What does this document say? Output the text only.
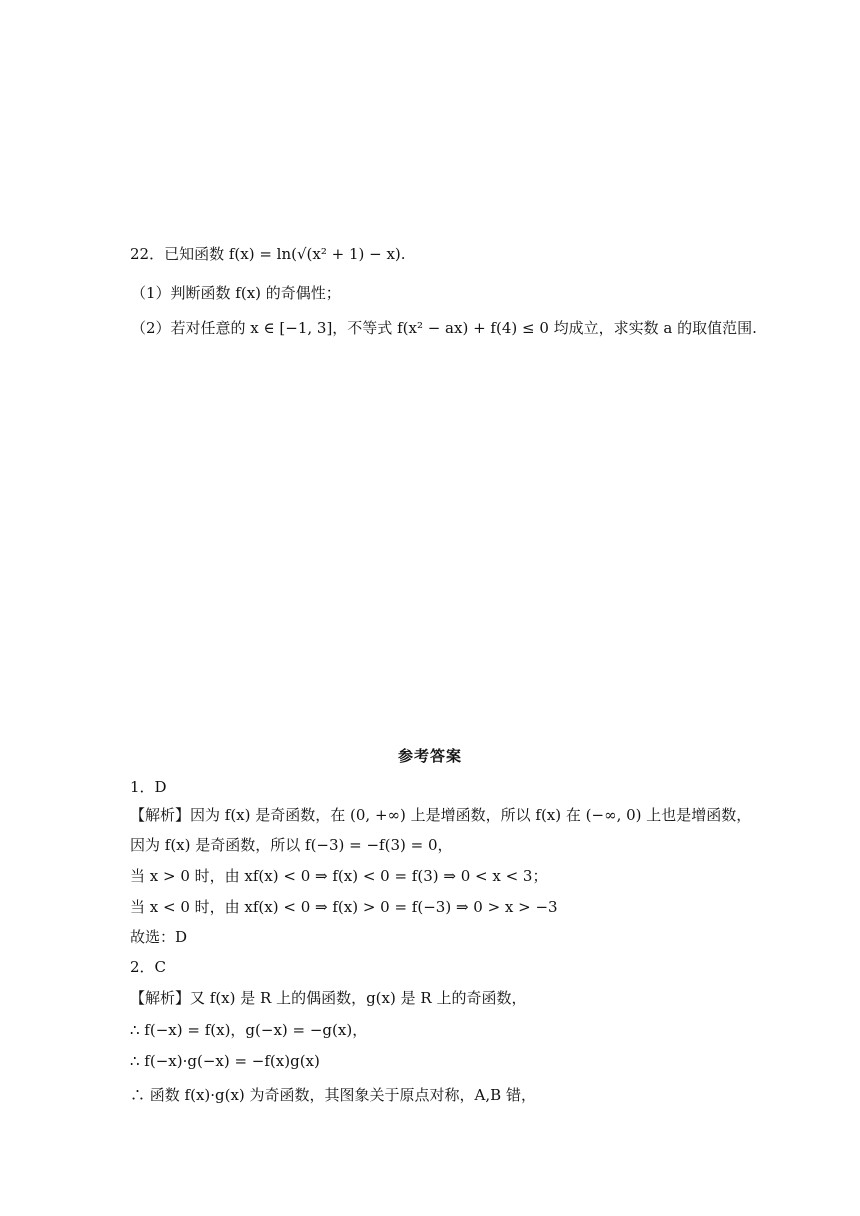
22．已知函数 f(x) = ln(√(x² + 1) − x).
（1）判断函数 f(x) 的奇偶性；
（2）若对任意的 x ∈ [−1, 3]，不等式 f(x² − ax) + f(4) ≤ 0 均成立，求实数 a 的取值范围.
参考答案
1．D
【解析】因为 f(x) 是奇函数，在 (0, +∞) 上是增函数，所以 f(x) 在 (−∞, 0) 上也是增函数，
因为 f(x) 是奇函数，所以 f(−3) = −f(3) = 0，
当 x > 0 时，由 xf(x) < 0 ⇒ f(x) < 0 = f(3) ⇒ 0 < x < 3；
当 x < 0 时，由 xf(x) < 0 ⇒ f(x) > 0 = f(−3) ⇒ 0 > x > −3
故选：D
2．C
【解析】又 f(x) 是 R 上的偶函数，g(x) 是 R 上的奇函数，
∴ f(−x) = f(x)，g(−x) = −g(x)，
∴ f(−x)·g(−x) = −f(x)g(x)
∴ 函数 f(x)·g(x) 为奇函数，其图象关于原点对称，A,B 错，
